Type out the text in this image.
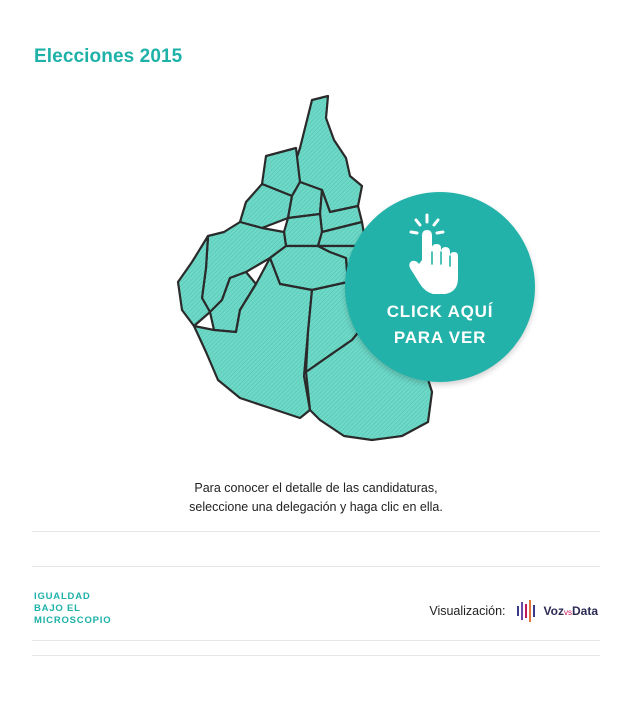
Elecciones 2015
CLICK AQUÍ
PARA VER
Para conocer el detalle de las candidaturas,
seleccione una delegación y haga clic en ella.
IGUALDAD
BAJO EL
MICROSCOPIO
Visualización:	VozvsData
